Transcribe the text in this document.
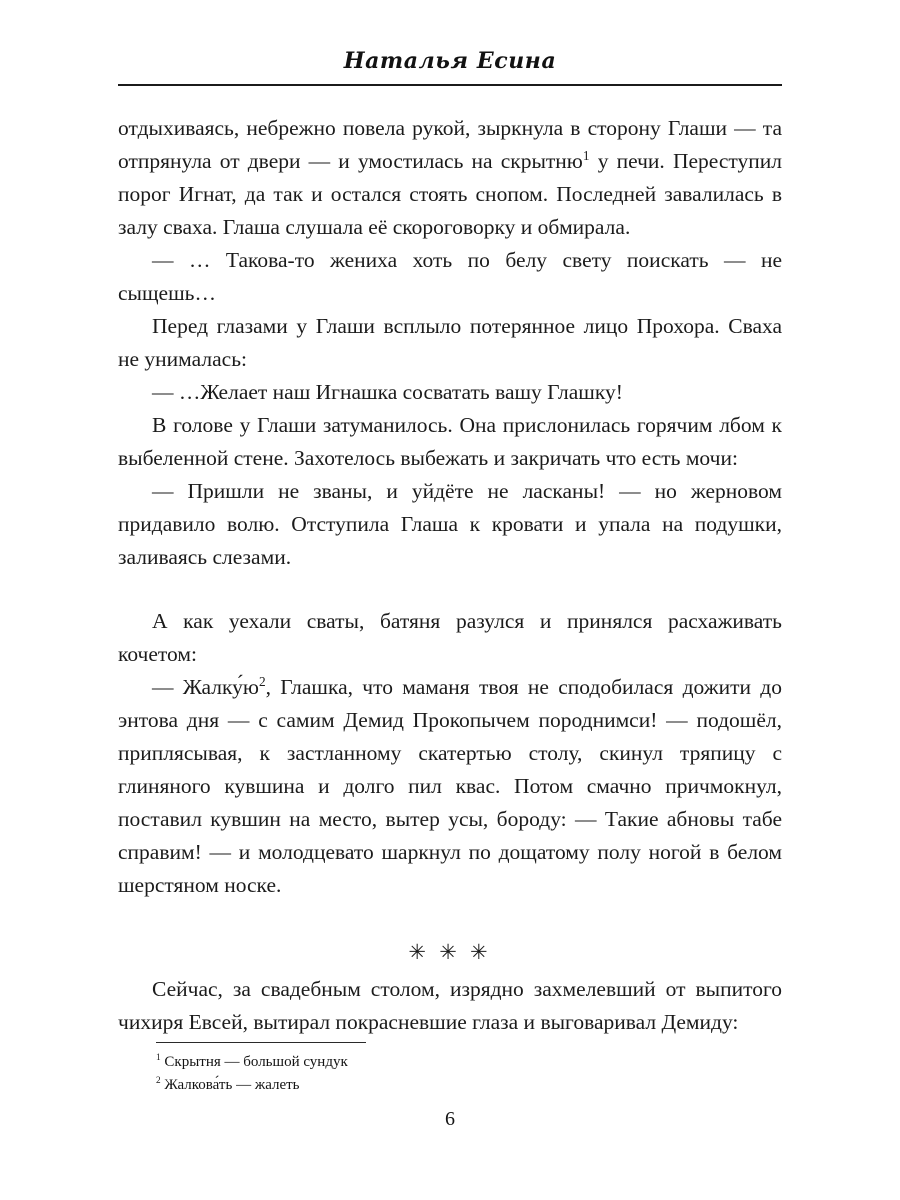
Наталья Есина

отдыхиваясь, небрежно повела рукой, зыркнула в сторону Глаши — та отпрянула от двери — и умостилась на скрытню$^1$ у печи. Переступил порог Игнат, да так и остался стоять снопом. Последней завалилась в залу сваха. Глаша слушала её скороговорку и обмирала.

— … Такова-то жениха хоть по белу свету поискать — не сыщешь…

Перед глазами у Глаши всплыло потерянное лицо Прохора. Сваха не унималась:

— …Желает наш Игнашка сосватать вашу Глашку!

В голове у Глаши затуманилось. Она прислонилась горячим лбом к выбеленной стене. Захотелось выбежать и закричать что есть мочи:

— Пришли не званы, и уйдёте не ласканы! — но жерновом придавило волю. Отступила Глаша к кровати и упала на подушки, заливаясь слезами.

А как уехали сваты, батяня разулся и принялся расхаживать кочетом:

— $Жалку́ю^2$, Глашка, что маманя твоя не сподобилася дожити до энтова дня — с самим Демид Прокопычем породнимси! — подошёл, приплясывая, к застланному скатертью столу, скинул тряпицу с глиняного кувшина и долго пил квас. Потом смачно причмокнул, поставил кувшин на место, вытер усы, бороду: — Такие абновы табе справим! — и молодцевато шаркнул по дощатому полу ногой в белом шерстяном носке.

✳ ✳ ✳

Сейчас, за свадебным столом, изрядно захмелевший от выпитого чихиря Евсей, вытирал покрасневшие глаза и выговаривал Демиду:

$^1$ Скрытня — большой сундук
$^2$ Жалкова́ть — жалеть
6
